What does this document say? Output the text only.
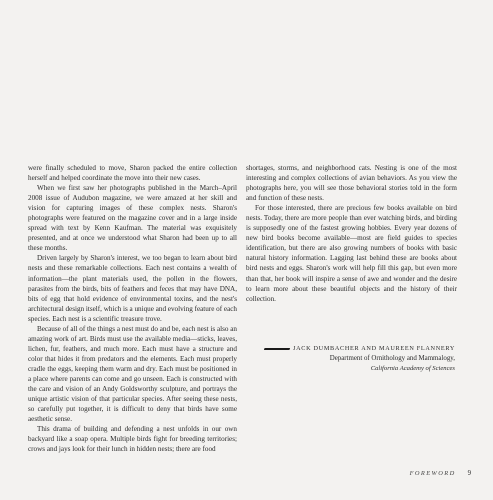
were finally scheduled to move, Sharon packed the entire collection herself and helped coordinate the move into their new cases.

When we first saw her photographs published in the March–April 2008 issue of Audubon magazine, we were amazed at her skill and vision for capturing images of these complex nests. Sharon's photographs were featured on the magazine cover and in a large inside spread with text by Kenn Kaufman. The material was exquisitely presented, and at once we understood what Sharon had been up to all these months.

Driven largely by Sharon's interest, we too began to learn about bird nests and these remarkable collections. Each nest contains a wealth of information—the plant materials used, the pollen in the flowers, parasites from the birds, bits of feathers and feces that may have DNA, bits of egg that hold evidence of environmental toxins, and the nest's architectural design itself, which is a unique and evolving feature of each species. Each nest is a scientific treasure trove.

Because of all of the things a nest must do and be, each nest is also an amazing work of art. Birds must use the available media—sticks, leaves, lichen, fur, feathers, and much more. Each must have a structure and color that hides it from predators and the elements. Each must properly cradle the eggs, keeping them warm and dry. Each must be positioned in a place where parents can come and go unseen. Each is constructed with the care and vision of an Andy Goldsworthy sculpture, and portrays the unique artistic vision of that particular species. After seeing these nests, so carefully put together, it is difficult to deny that birds have some aesthetic sense.

This drama of building and defending a nest unfolds in our own backyard like a soap opera. Multiple birds fight for breeding territories; crows and jays look for their lunch in hidden nests; there are food

shortages, storms, and neighborhood cats. Nesting is one of the most interesting and complex collections of avian behaviors. As you view the photographs here, you will see those behavioral stories told in the form and function of these nests.

For those interested, there are precious few books available on bird nests. Today, there are more people than ever watching birds, and birding is supposedly one of the fastest growing hobbies. Every year dozens of new bird books become available—most are field guides to species identification, but there are also growing numbers of books with basic natural history information. Lagging last behind these are books about bird nests and eggs. Sharon's work will help fill this gap, but even more than that, her book will inspire a sense of awe and wonder and the desire to learn more about these beautiful objects and the history of their collection.

JACK DUMBACHER AND MAUREEN FLANNERY
Department of Ornithology and Mammalogy,
California Academy of Sciences
FOREWORD 9
